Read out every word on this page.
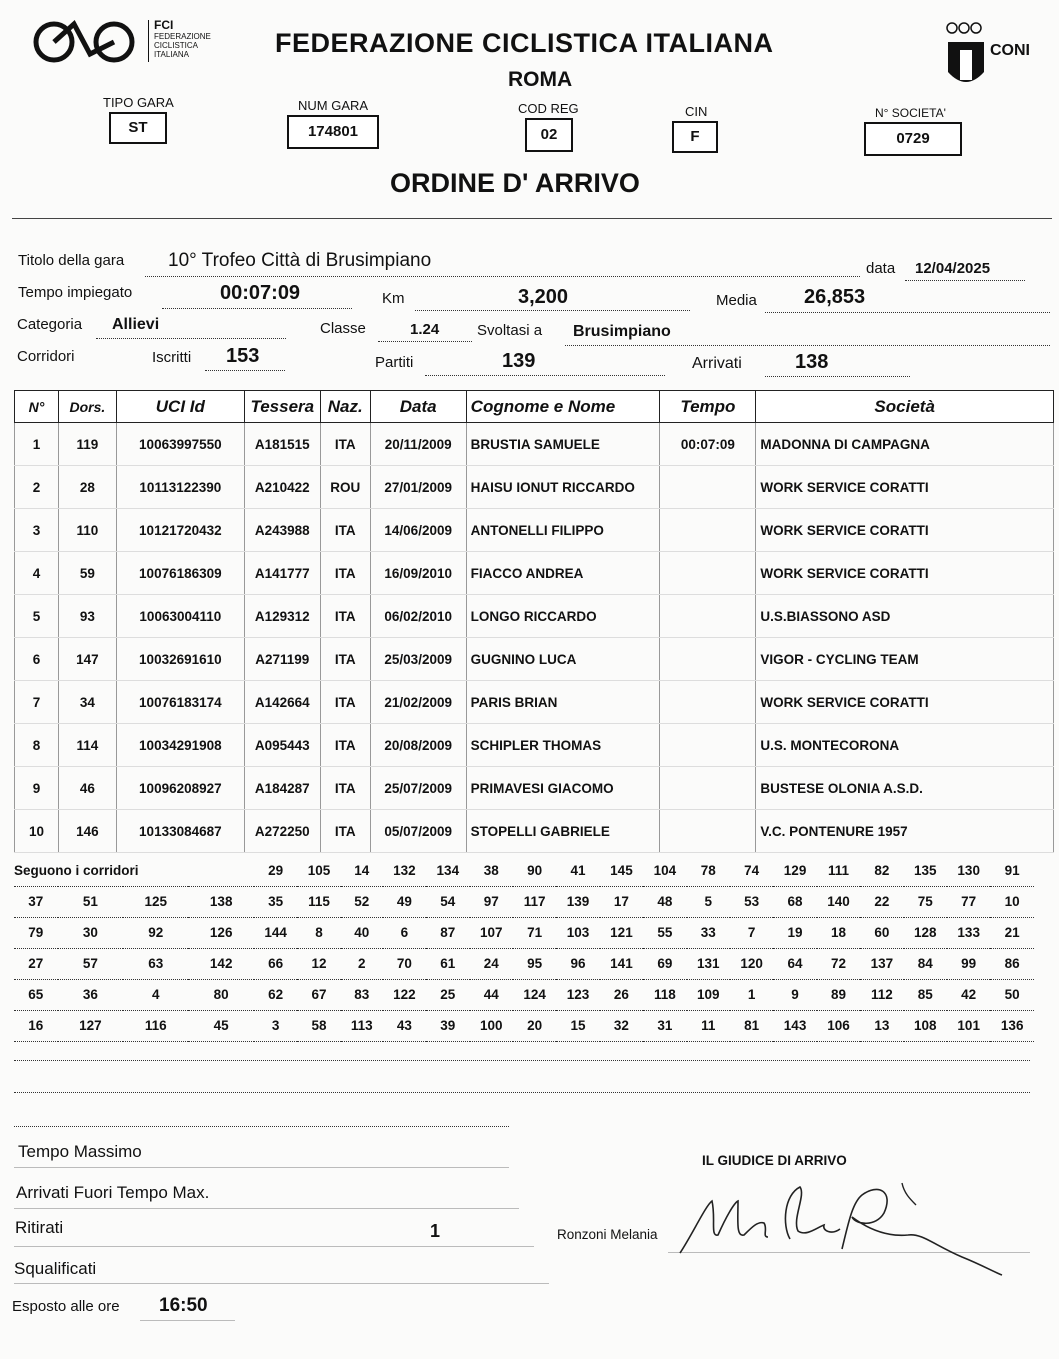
FCI
FEDERAZIONE CICLISTICA ITALIANA	FEDERAZIONE CICLISTICA ITALIANA
ROMA
CONI
TIPO GARA
ST
NUM GARA
174801
COD REG
02
CIN
F
N° SOCIETA'
0729
ORDINE D' ARRIVO
Titolo della gara 10° Trofeo Città di Brusimpiano	data 12/04/2025
Tempo impiegato	00:07:09	Km	3,200	Media 26,853
Categoria Allievi	Classe	1.24	Svoltasi a Brusimpiano
Corridori	Iscritti 153	Partiti	139	Arrivati	138
N°	Dors.	UCI Id	Tessera	Naz.	Data	Cognome e Nome	Tempo	Società
1	119	10063997550	A181515	ITA	20/11/2009	BRUSTIA SAMUELE	00:07:09	MADONNA DI CAMPAGNA
2	28	10113122390	A210422	ROU	27/01/2009	HAISU IONUT RICCARDO		WORK SERVICE CORATTI
3	110	10121720432	A243988	ITA	14/06/2009	ANTONELLI FILIPPO		WORK SERVICE CORATTI
4	59	10076186309	A141777	ITA	16/09/2010	FIACCO ANDREA		WORK SERVICE CORATTI
5	93	10063004110	A129312	ITA	06/02/2010	LONGO RICCARDO		U.S.BIASSONO ASD
6	147	10032691610	A271199	ITA	25/03/2009	GUGNINO LUCA		VIGOR - CYCLING TEAM
7	34	10076183174	A142664	ITA	21/02/2009	PARIS BRIAN		WORK SERVICE CORATTI
8	114	10034291908	A095443	ITA	20/08/2009	SCHIPLER THOMAS		U.S. MONTECORONA
9	46	10096208927	A184287	ITA	25/07/2009	PRIMAVESI GIACOMO		BUSTESE OLONIA A.S.D.
10	146	10133084687	A272250	ITA	05/07/2009	STOPELLI GABRIELE		V.C. PONTENURE 1957
Seguono i corridori				29	105	14	132	134	38	90	41	145	104	78	74	129	111	82	135	130	91
37	51	125	138	35	115	52	49	54	97	117	139	17	48	5	53	68	140	22	75	77	10
79	30	92	126	144	8	40	6	87	107	71	103	121	55	33	7	19	18	60	128	133	21
27	57	63	142	66	12	2	70	61	24	95	96	141	69	131	120	64	72	137	84	99	86
65	36	4	80	62	67	83	122	25	44	124	123	26	118	109	1	9	89	112	85	42	50
16	127	116	45	3	58	113	43	39	100	20	15	32	31	11	81	143	106	13	108	101	136
Tempo Massimo
Arrivati Fuori Tempo Max.
Ritirati	1
Squalificati
Esposto alle ore 16:50
IL GIUDICE DI ARRIVO
Ronzoni Melania
